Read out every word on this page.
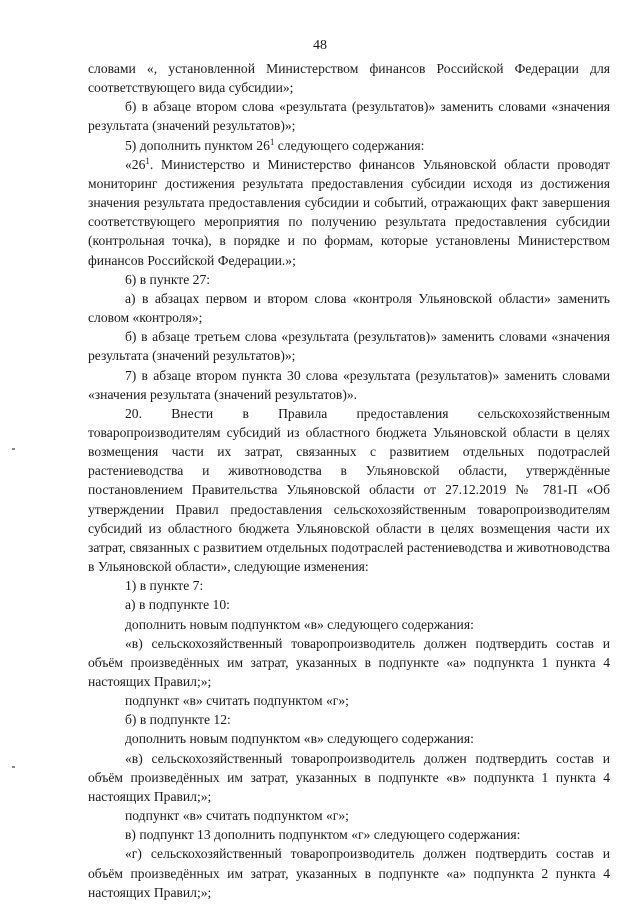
48

словами «, установленной Министерством финансов Российской Федерации для соответствующего вида субсидии»;

б) в абзаце втором слова «результата (результатов)» заменить словами «значения результата (значений результатов)»;

5) дополнить пунктом $26^1$ следующего содержания:

«$26^1$. Министерство и Министерство финансов Ульяновской области проводят мониторинг достижения результата предоставления субсидии исходя из достижения значения результата предоставления субсидии и событий, отражающих факт завершения соответствующего мероприятия по получению результата предоставления субсидии (контрольная точка), в порядке и по формам, которые установлены Министерством финансов Российской Федерации.»;

6) в пункте 27:

а) в абзацах первом и втором слова «контроля Ульяновской области» заменить словом «контроля»;

б) в абзаце третьем слова «результата (результатов)» заменить словами «значения результата (значений результатов)»;

7) в абзаце втором пункта 30 слова «результата (результатов)» заменить словами «значения результата (значений результатов)».

20. Внести в Правила предоставления сельскохозяйственным товаропроизводителям субсидий из областного бюджета Ульяновской области в целях возмещения части их затрат, связанных с развитием отдельных подотраслей растениеводства и животноводства в Ульяновской области, утверждённые постановлением Правительства Ульяновской области от 27.12.2019 № 781-П «Об утверждении Правил предоставления сельскохозяйственным товаропроизводителям субсидий из областного бюджета Ульяновской области в целях возмещения части их затрат, связанных с развитием отдельных подотраслей растениеводства и животноводства в Ульяновской области», следующие изменения:

1) в пункте 7:

а) в подпункте 10:

дополнить новым подпунктом «в» следующего содержания:

«в) сельскохозяйственный товаропроизводитель должен подтвердить состав и объём произведённых им затрат, указанных в подпункте «а» подпункта 1 пункта 4 настоящих Правил;»;

подпункт «в» считать подпунктом «г»;

б) в подпункте 12:

дополнить новым подпунктом «в» следующего содержания:

«в) сельскохозяйственный товаропроизводитель должен подтвердить состав и объём произведённых им затрат, указанных в подпункте «в» подпункта 1 пункта 4 настоящих Правил;»;

подпункт «в» считать подпунктом «г»;

в) подпункт 13 дополнить подпунктом «г» следующего содержания:

«г) сельскохозяйственный товаропроизводитель должен подтвердить состав и объём произведённых им затрат, указанных в подпункте «а» подпункта 2 пункта 4 настоящих Правил;»;
